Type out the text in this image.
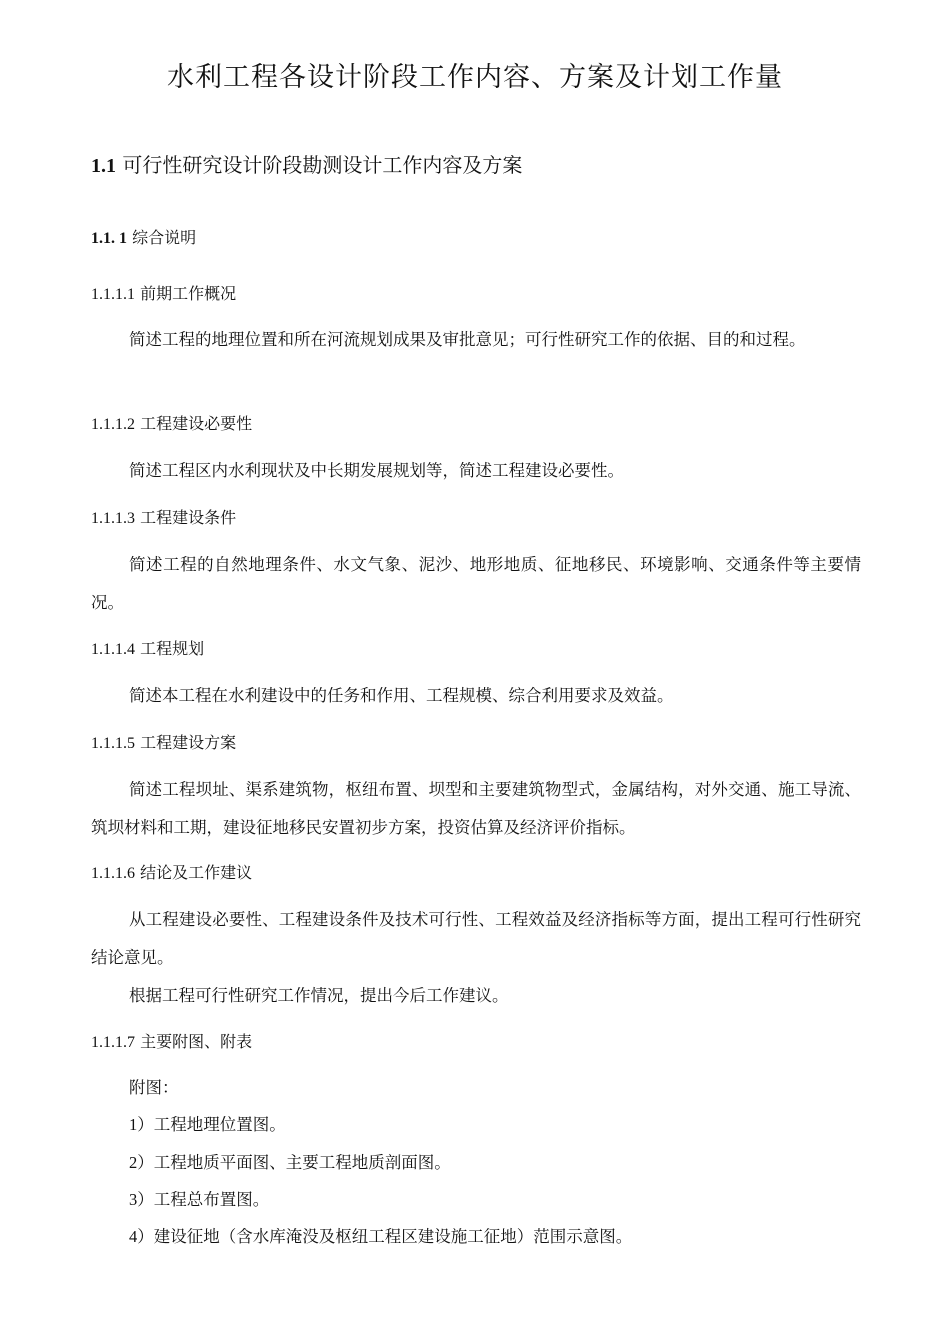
水利工程各设计阶段工作内容、方案及计划工作量
1.1 可行性研究设计阶段勘测设计工作内容及方案
1.1. 1 综合说明
1.1.1.1 前期工作概况
简述工程的地理位置和所在河流规划成果及审批意见；可行性研究工作的依据、目的和过程。
1.1.1.2 工程建设必要性
简述工程区内水利现状及中长期发展规划等，简述工程建设必要性。
1.1.1.3 工程建设条件
简述工程的自然地理条件、水文气象、泥沙、地形地质、征地移民、环境影响、交通条件等主要情况。
1.1.1.4 工程规划
简述本工程在水利建设中的任务和作用、工程规模、综合利用要求及效益。
1.1.1.5 工程建设方案
简述工程坝址、渠系建筑物，枢纽布置、坝型和主要建筑物型式，金属结构，对外交通、施工导流、筑坝材料和工期，建设征地移民安置初步方案，投资估算及经济评价指标。
1.1.1.6 结论及工作建议
从工程建设必要性、工程建设条件及技术可行性、工程效益及经济指标等方面，提出工程可行性研究结论意见。
根据工程可行性研究工作情况，提出今后工作建议。
1.1.1.7 主要附图、附表
附图：
1）工程地理位置图。
2）工程地质平面图、主要工程地质剖面图。
3）工程总布置图。
4）建设征地（含水库淹没及枢纽工程区建设施工征地）范围示意图。
